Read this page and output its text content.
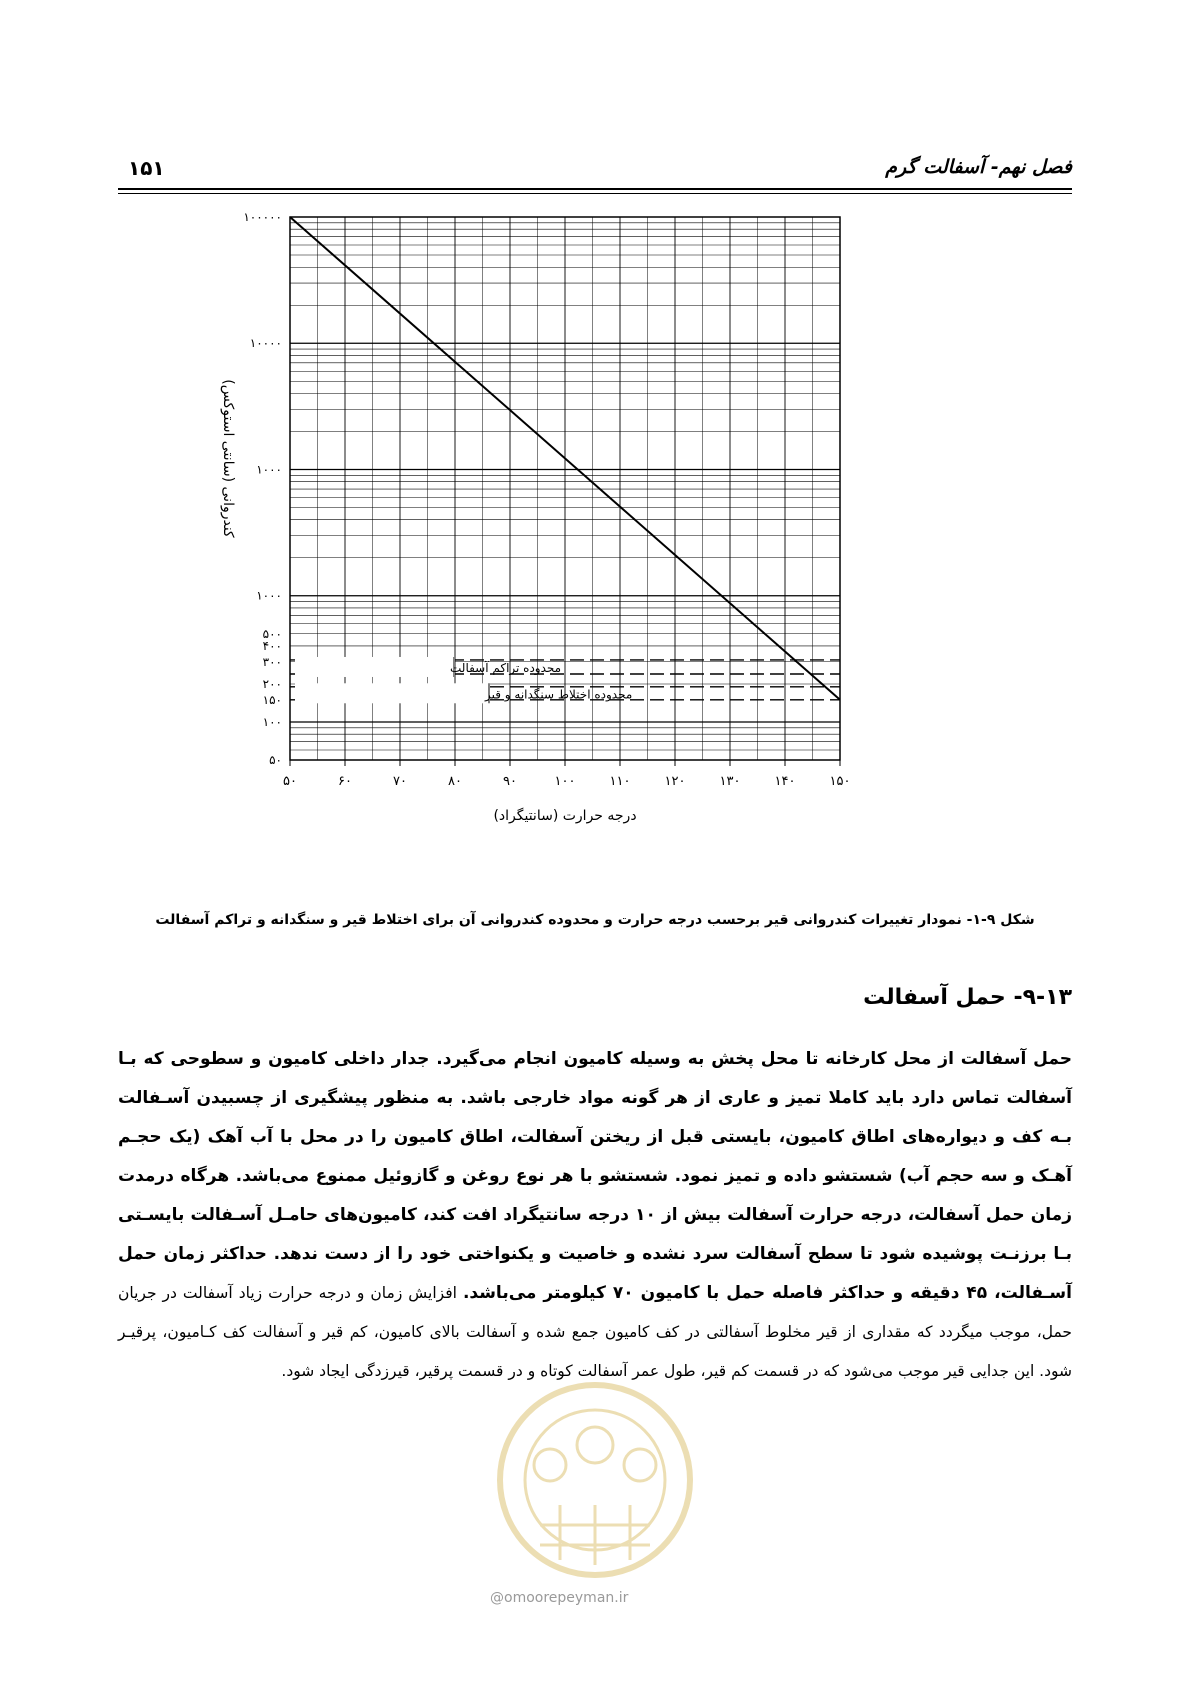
۱۵۱	فصل نهم- آسفالت گرم
محدوده تراکم آسفالت
محدوده اختلاط سنگدانه و قیر
۵۰	۶۰	۷۰	۸۰	۹۰	۱۰۰	۱۱۰	۱۲۰	۱۳۰	۱۴۰	۱۵۰
۱۰۰۰۰۰
۱۰۰۰۰
۱۰۰۰
۱۰۰۰
۵۰۰
۴۰۰
۳۰۰
۲۰۰
۱۵۰
۱۰۰
۵۰
درجه حرارت (سانتیگراد)
کندروانی (سانتی استوکس)
شکل ۹-۱- نمودار تغییرات کندروانی قیر برحسب درجه حرارت و محدوده کندروانی آن برای اختلاط قیر و سنگدانه و تراکم آسفالت
۹-۱۳- حمل آسفالت
حمل آسفالت از محل کارخانه تا محل پخش به وسیله کامیون انجام می‌گیرد. جدار داخلی کامیون و سطوحی که بـا آسفالت تماس دارد باید کاملا تمیز و عاری از هر گونه مواد خارجی باشد. به منظور پیشگیری از چسبیدن آسـفالت بـه کف و دیواره‌های اطاق کامیون، بایستی قبل از ریختن آسفالت، اطاق کامیون را در محل با آب آهک (یک حجـم آهـک و سه حجم آب) شستشو داده و تمیز نمود. شستشو با هر نوع روغن و گازوئیل ممنوع می‌باشد. هرگاه درمدت زمان حمل آسفالت، درجه حرارت آسفالت بیش از ۱۰ درجه سانتیگراد افت کند، کامیون‌های حامـل آسـفالت بایسـتی بـا برزنـت پوشیده شود تا سطح آسفالت سرد نشده و خاصیت و یکنواختی خود را از دست ندهد. حداکثر زمان حمل آسـفالت، ۴۵ دقیقه و حداکثر فاصله حمل با کامیون ۷۰ کیلومتر می‌باشد. افزایش زمان و درجه حرارت زیاد آسفالت در جریان حمل، موجب میگردد که مقداری از قیر مخلوط آسفالتی در کف کامیون جمع شده و آسفالت بالای کامیون، کم قیر و آسفالت کف کـامیون، پرقیـر شود. این جدایی قیر موجب می‌شود که در قسمت کم قیر، طول عمر آسفالت کوتاه و در قسمت پرقیر، قیرزدگی ایجاد شود.
@omoorepeyman.ir
